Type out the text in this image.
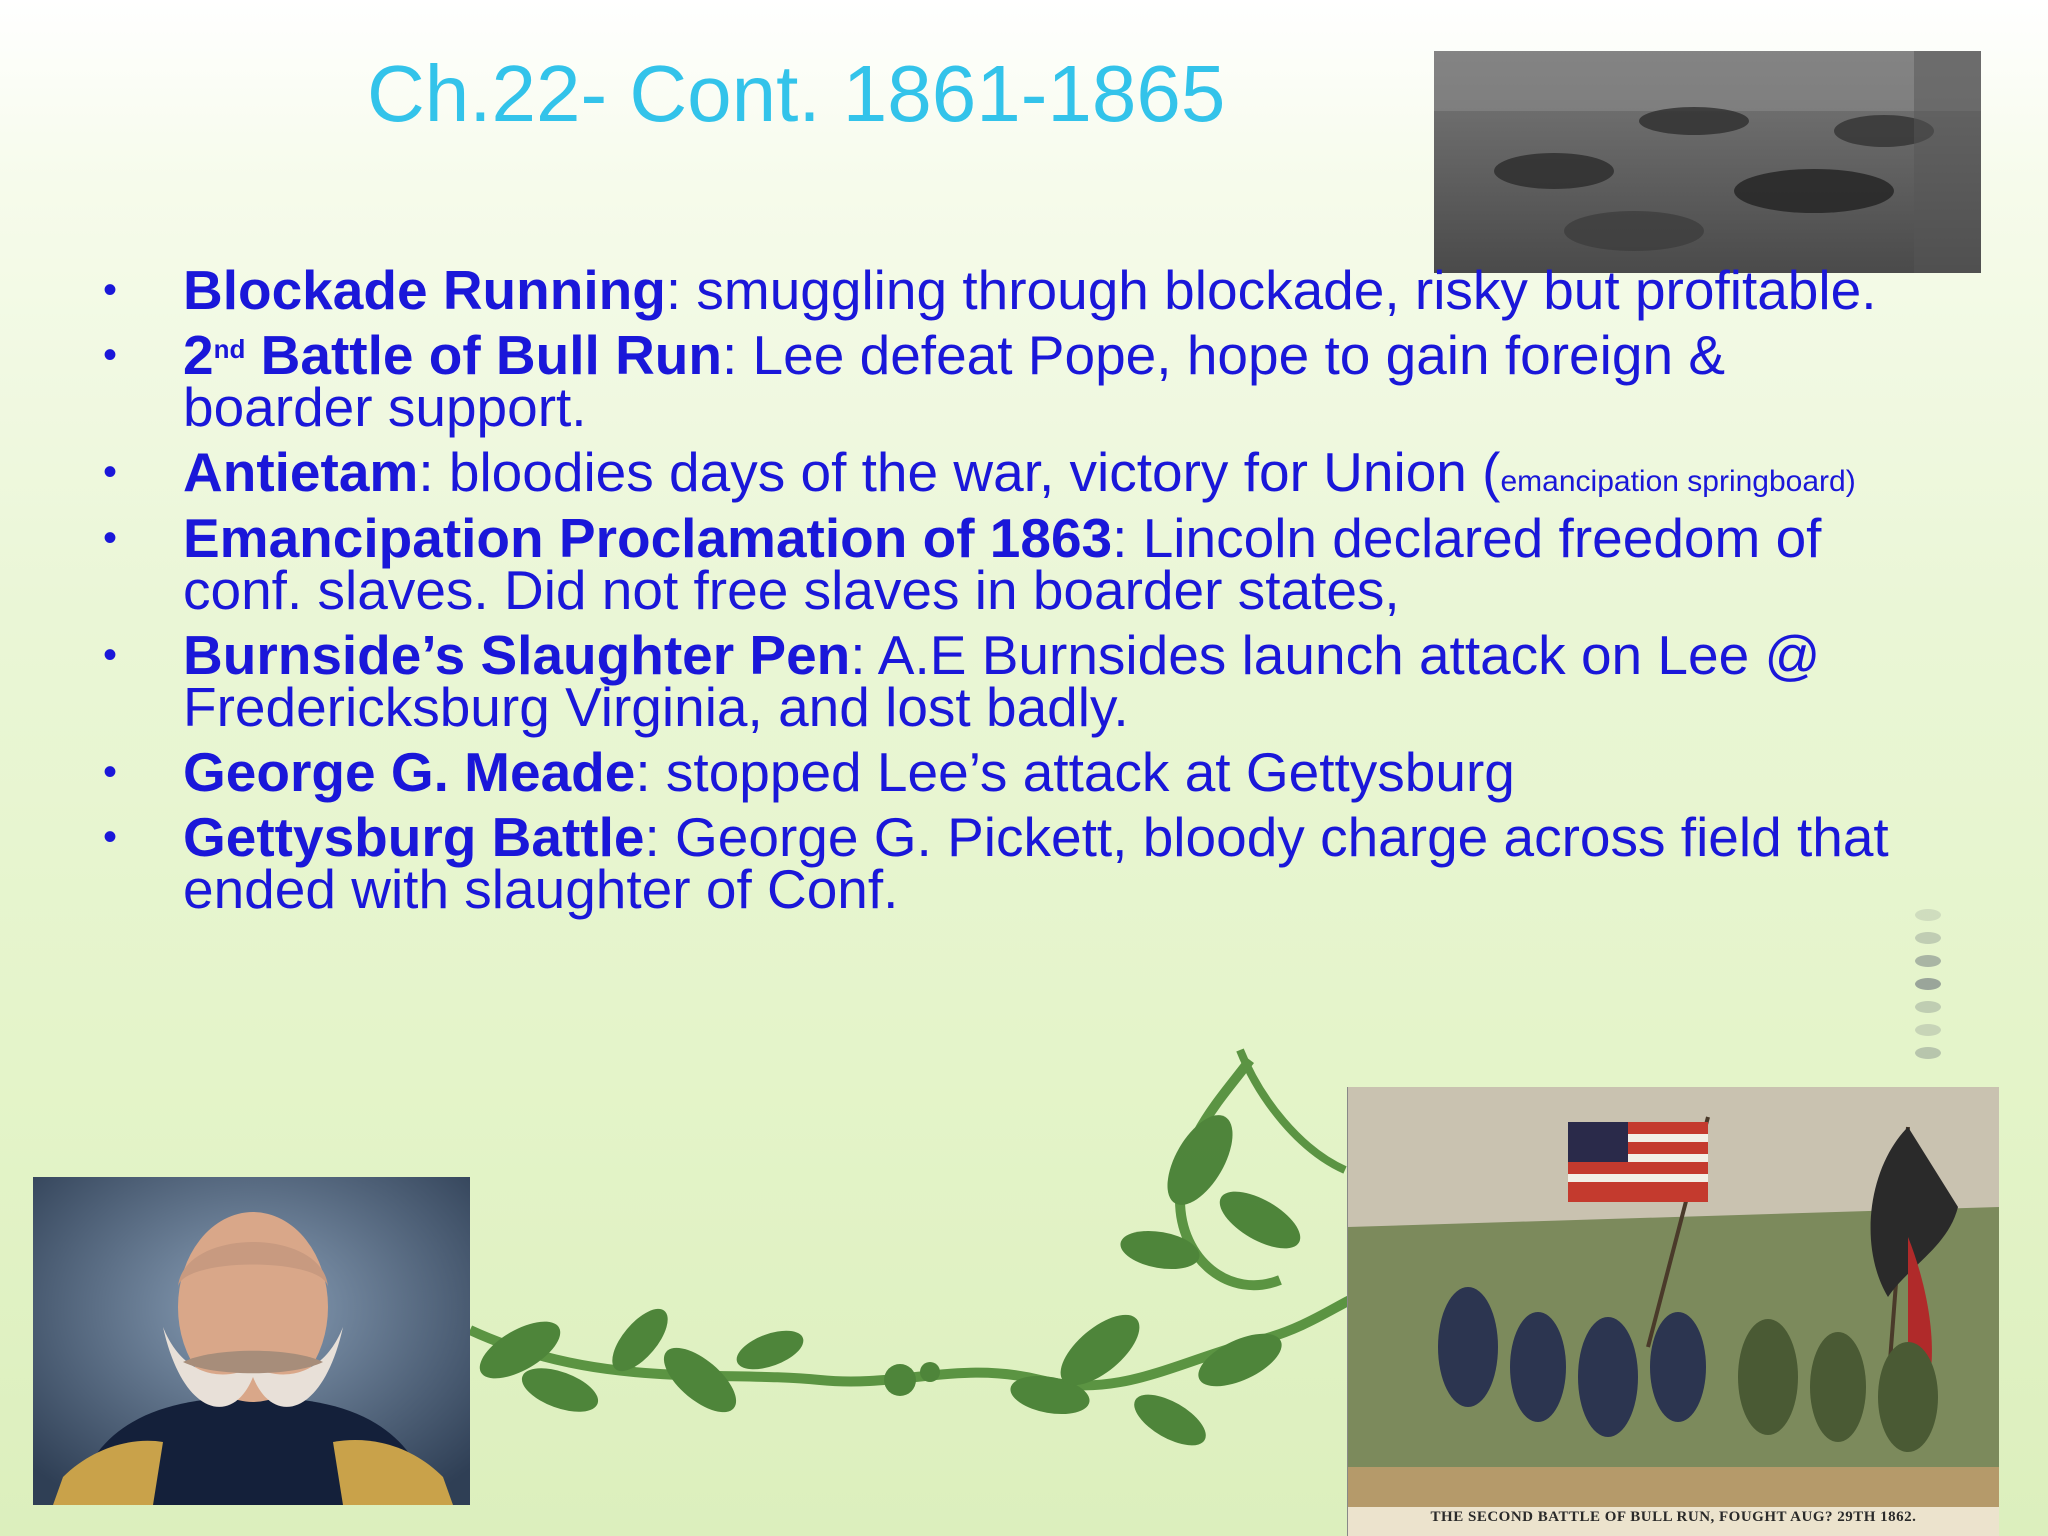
Ch.22- Cont. 1861-1865
• Blockade Running: smuggling through blockade, risky but profitable.
• 2nd Battle of Bull Run: Lee defeat Pope, hope to gain foreign & boarder support.
• Antietam: bloodies days of the war, victory for Union (emancipation springboard)
• Emancipation Proclamation of 1863: Lincoln declared freedom of conf. slaves. Did not free slaves in boarder states,
• Burnside’s Slaughter Pen: A.E Burnsides launch attack on Lee @ Fredericksburg Virginia, and lost badly.
• George G. Meade: stopped Lee’s attack at Gettysburg
• Gettysburg Battle: George G. Pickett, bloody charge across field that ended with slaughter of Conf.
THE SECOND BATTLE OF BULL RUN, FOUGHT AUG? 29TH 1862.
